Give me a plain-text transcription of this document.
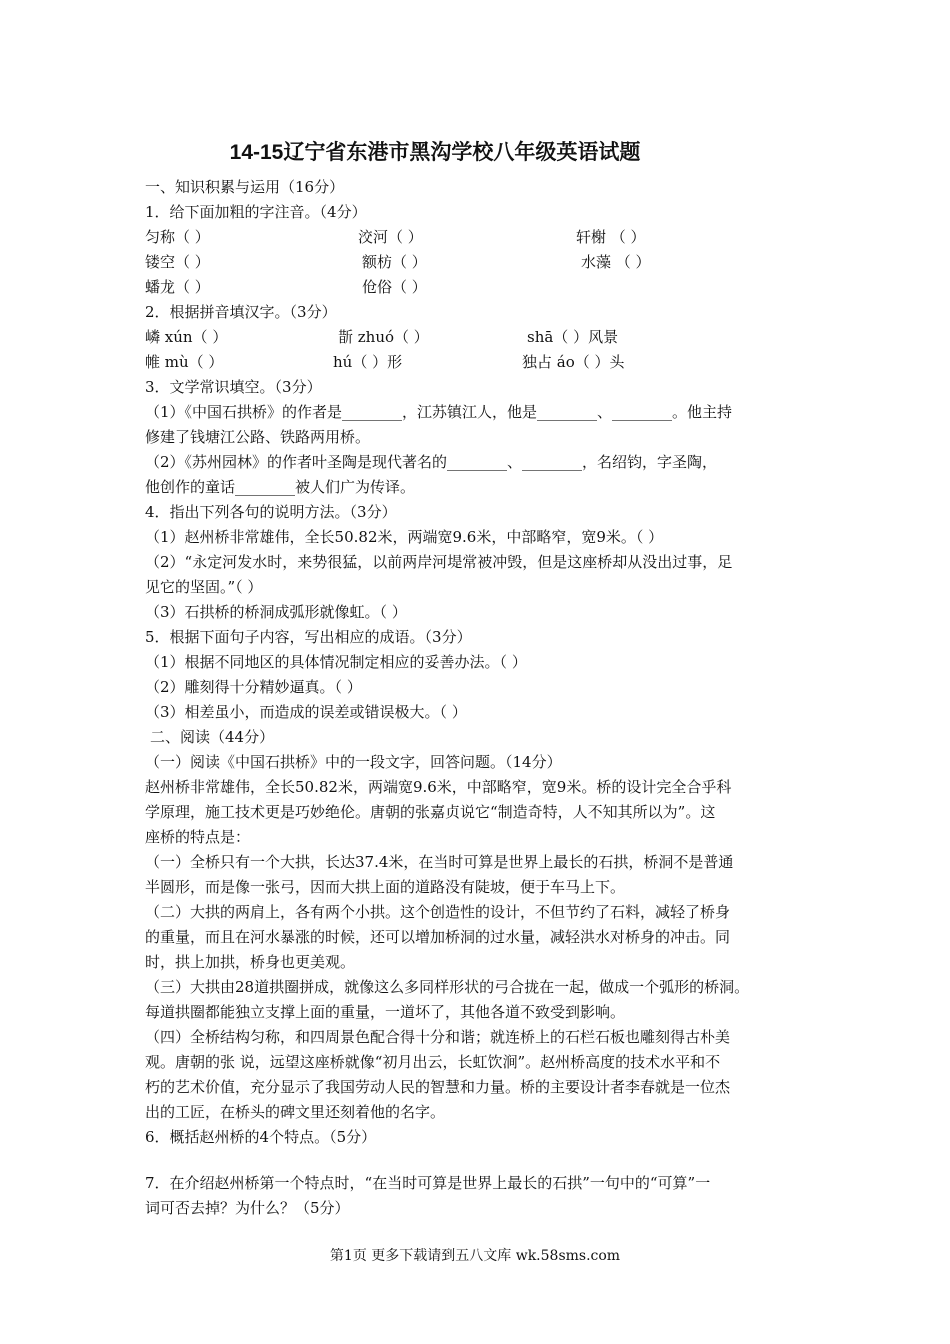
14-15辽宁省东港市黑沟学校八年级英语试题
一、知识积累与运用（16分）
1．给下面加粗的字注音。（4分）
匀称（ ）	洨河（ ）	轩榭 （ ）
镂空（ ）	额枋（ ）	水藻 （ ）
蟠龙（ ）	伧俗（ ）
2．根据拼音填汉字。（3分）
嶙 xún（ ）	斮 zhuó（ ）	shā（ ）风景
帷 mù（ ）	hú（ ）形	独占 áo（ ）头
3．文学常识填空。（3分）
（1）《中国石拱桥》的作者是________，江苏镇江人，他是________、________。他主持
修建了钱塘江公路、铁路两用桥。
（2）《苏州园林》的作者叶圣陶是现代著名的________、________，名绍钧，字圣陶，
他创作的童话________被人们广为传译。
4．指出下列各句的说明方法。（3分）
（1）赵州桥非常雄伟，全长50.82米，两端宽9.6米，中部略窄，宽9米。（ ）
（2）“永定河发水时，来势很猛，以前两岸河堤常被冲毁，但是这座桥却从没出过事，足
见它的坚固。”（ ）
（3）石拱桥的桥洞成弧形就像虹。（ ）
5．根据下面句子内容，写出相应的成语。（3分）
（1）根据不同地区的具体情况制定相应的妥善办法。（ ）
（2）雕刻得十分精妙逼真。（ ）
（3）相差虽小，而造成的误差或错误极大。（ ）
二、阅读（44分）
（一）阅读《中国石拱桥》中的一段文字，回答问题。（14分）
赵州桥非常雄伟，全长50.82米，两端宽9.6米，中部略窄，宽9米。桥的设计完全合乎科
学原理，施工技术更是巧妙绝伦。唐朝的张嘉贞说它“制造奇特，人不知其所以为”。这
座桥的特点是：
（一）全桥只有一个大拱，长达37.4米，在当时可算是世界上最长的石拱，桥洞不是普通
半圆形，而是像一张弓，因而大拱上面的道路没有陡坡，便于车马上下。
（二）大拱的两肩上，各有两个小拱。这个创造性的设计，不但节约了石料，减轻了桥身
的重量，而且在河水暴涨的时候，还可以增加桥洞的过水量，减轻洪水对桥身的冲击。同
时，拱上加拱，桥身也更美观。
（三）大拱由28道拱圈拼成，就像这么多同样形状的弓合拢在一起，做成一个弧形的桥洞。
每道拱圈都能独立支撑上面的重量，一道坏了，其他各道不致受到影响。
（四）全桥结构匀称，和四周景色配合得十分和谐；就连桥上的石栏石板也雕刻得古朴美
观。唐朝的张 说，远望这座桥就像“初月出云，长虹饮涧”。赵州桥高度的技术水平和不
朽的艺术价值，充分显示了我国劳动人民的智慧和力量。桥的主要设计者李春就是一位杰
出的工匠，在桥头的碑文里还刻着他的名字。
6．概括赵州桥的4个特点。（5分）
7．在介绍赵州桥第一个特点时，“在当时可算是世界上最长的石拱”一句中的“可算”一
词可否去掉？为什么？（5分）
第1页 更多下载请到五八文库 wk.58sms.com
